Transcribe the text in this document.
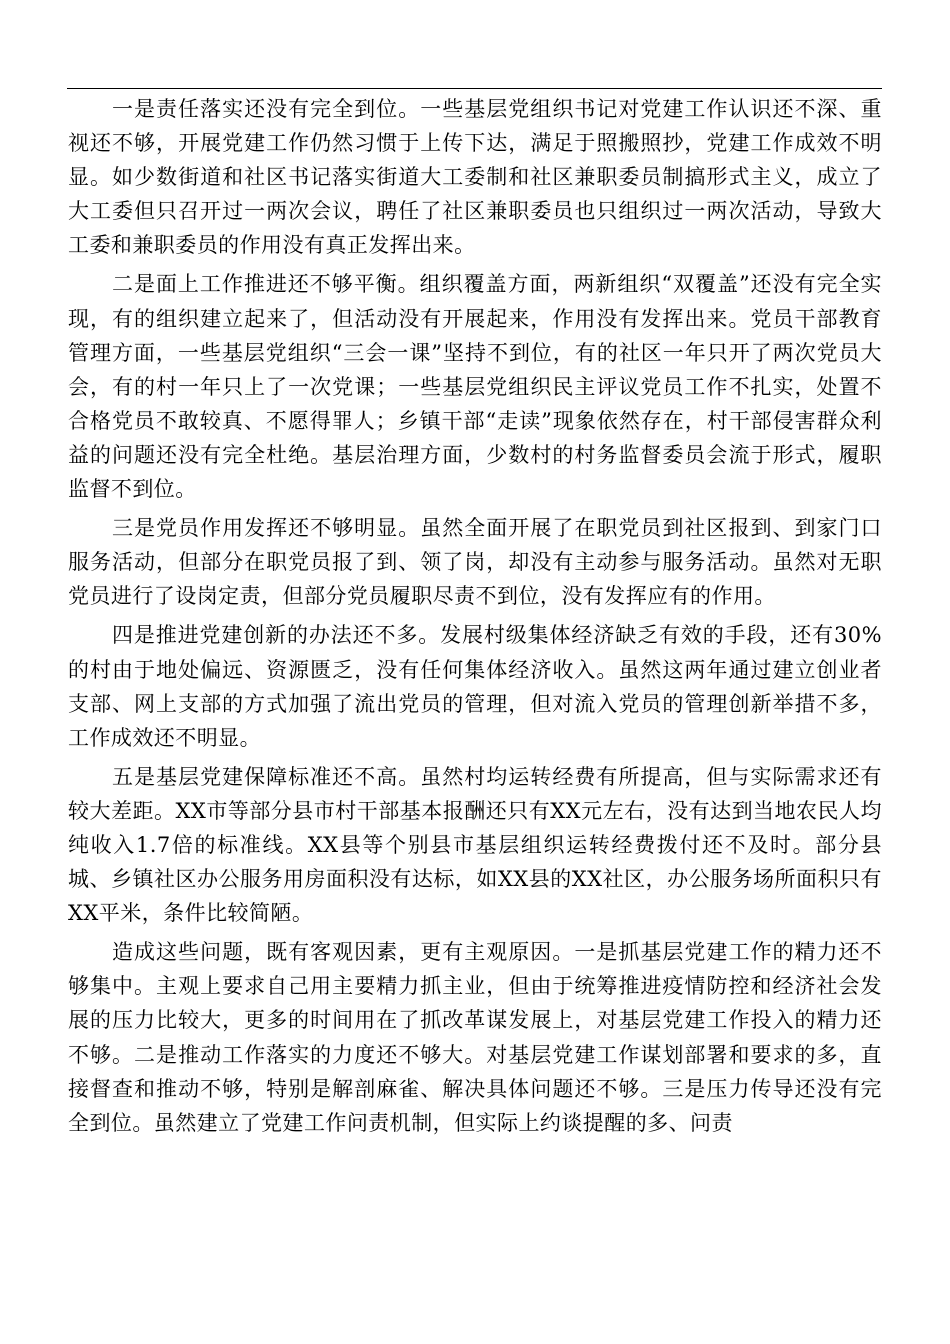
一是责任落实还没有完全到位。一些基层党组织书记对党建工作认识还不深、重视还不够，开展党建工作仍然习惯于上传下达，满足于照搬照抄，党建工作成效不明显。如少数街道和社区书记落实街道大工委制和社区兼职委员制搞形式主义，成立了大工委但只召开过一两次会议，聘任了社区兼职委员也只组织过一两次活动，导致大工委和兼职委员的作用没有真正发挥出来。

二是面上工作推进还不够平衡。组织覆盖方面，两新组织“双覆盖”还没有完全实现，有的组织建立起来了，但活动没有开展起来，作用没有发挥出来。党员干部教育管理方面，一些基层党组织“三会一课”坚持不到位，有的社区一年只开了两次党员大会，有的村一年只上了一次党课；一些基层党组织民主评议党员工作不扎实，处置不合格党员不敢较真、不愿得罪人；乡镇干部“走读”现象依然存在，村干部侵害群众利益的问题还没有完全杜绝。基层治理方面，少数村的村务监督委员会流于形式，履职监督不到位。

三是党员作用发挥还不够明显。虽然全面开展了在职党员到社区报到、到家门口服务活动，但部分在职党员报了到、领了岗，却没有主动参与服务活动。虽然对无职党员进行了设岗定责，但部分党员履职尽责不到位，没有发挥应有的作用。

四是推进党建创新的办法还不多。发展村级集体经济缺乏有效的手段，还有30%的村由于地处偏远、资源匮乏，没有任何集体经济收入。虽然这两年通过建立创业者支部、网上支部的方式加强了流出党员的管理，但对流入党员的管理创新举措不多，工作成效还不明显。

五是基层党建保障标准还不高。虽然村均运转经费有所提高，但与实际需求还有较大差距。XX市等部分县市村干部基本报酬还只有XX元左右，没有达到当地农民人均纯收入1.7倍的标准线。XX县等个别县市基层组织运转经费拨付还不及时。部分县城、乡镇社区办公服务用房面积没有达标，如XX县的XX社区，办公服务场所面积只有XX平米，条件比较简陋。

造成这些问题，既有客观因素，更有主观原因。一是抓基层党建工作的精力还不够集中。主观上要求自己用主要精力抓主业，但由于统筹推进疫情防控和经济社会发展的压力比较大，更多的时间用在了抓改革谋发展上，对基层党建工作投入的精力还不够。二是推动工作落实的力度还不够大。对基层党建工作谋划部署和要求的多，直接督查和推动不够，特别是解剖麻雀、解决具体问题还不够。三是压力传导还没有完全到位。虽然建立了党建工作问责机制，但实际上约谈提醒的多、问责
